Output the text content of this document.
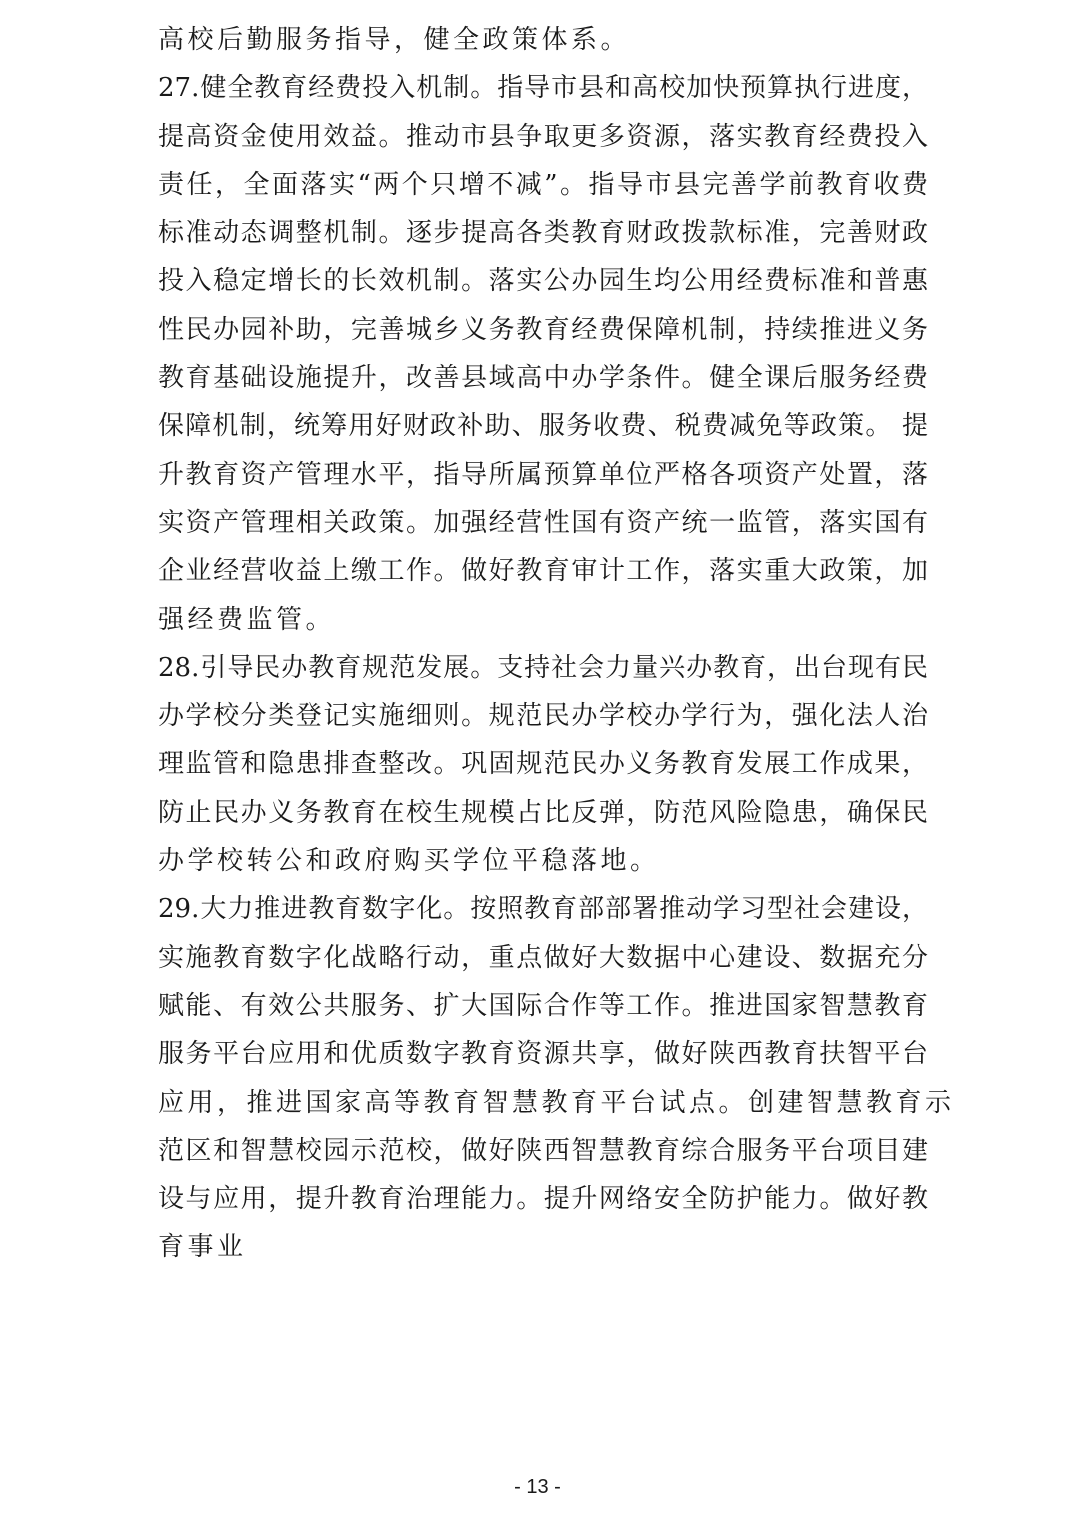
高校后勤服务指导，健全政策体系。
27.健全教育经费投入机制。指导市县和高校加快预算执行进度，
提高资金使用效益。推动市县争取更多资源，落实教育经费投入
责任，全面落实“两个只增不减”。指导市县完善学前教育收费
标准动态调整机制。逐步提高各类教育财政拨款标准，完善财政
投入稳定增长的长效机制。落实公办园生均公用经费标准和普惠
性民办园补助，完善城乡义务教育经费保障机制，持续推进义务
教育基础设施提升，改善县域高中办学条件。健全课后服务经费
保障机制，统筹用好财政补助、服务收费、税费减免等政策。 提
升教育资产管理水平，指导所属预算单位严格各项资产处置，落
实资产管理相关政策。加强经营性国有资产统一监管，落实国有
企业经营收益上缴工作。做好教育审计工作，落实重大政策，加
强经费监管。
28.引导民办教育规范发展。支持社会力量兴办教育，出台现有民
办学校分类登记实施细则。规范民办学校办学行为，强化法人治
理监管和隐患排查整改。巩固规范民办义务教育发展工作成果，
防止民办义务教育在校生规模占比反弹，防范风险隐患，确保民
办学校转公和政府购买学位平稳落地。
29.大力推进教育数字化。按照教育部部署推动学习型社会建设，
实施教育数字化战略行动，重点做好大数据中心建设、数据充分
赋能、有效公共服务、扩大国际合作等工作。推进国家智慧教育
服务平台应用和优质数字教育资源共享，做好陕西教育扶智平台
应用，推进国家高等教育智慧教育平台试点。创建智慧教育示
范区和智慧校园示范校，做好陕西智慧教育综合服务平台项目建
设与应用，提升教育治理能力。提升网络安全防护能力。做好教
育事业
- 13 -
